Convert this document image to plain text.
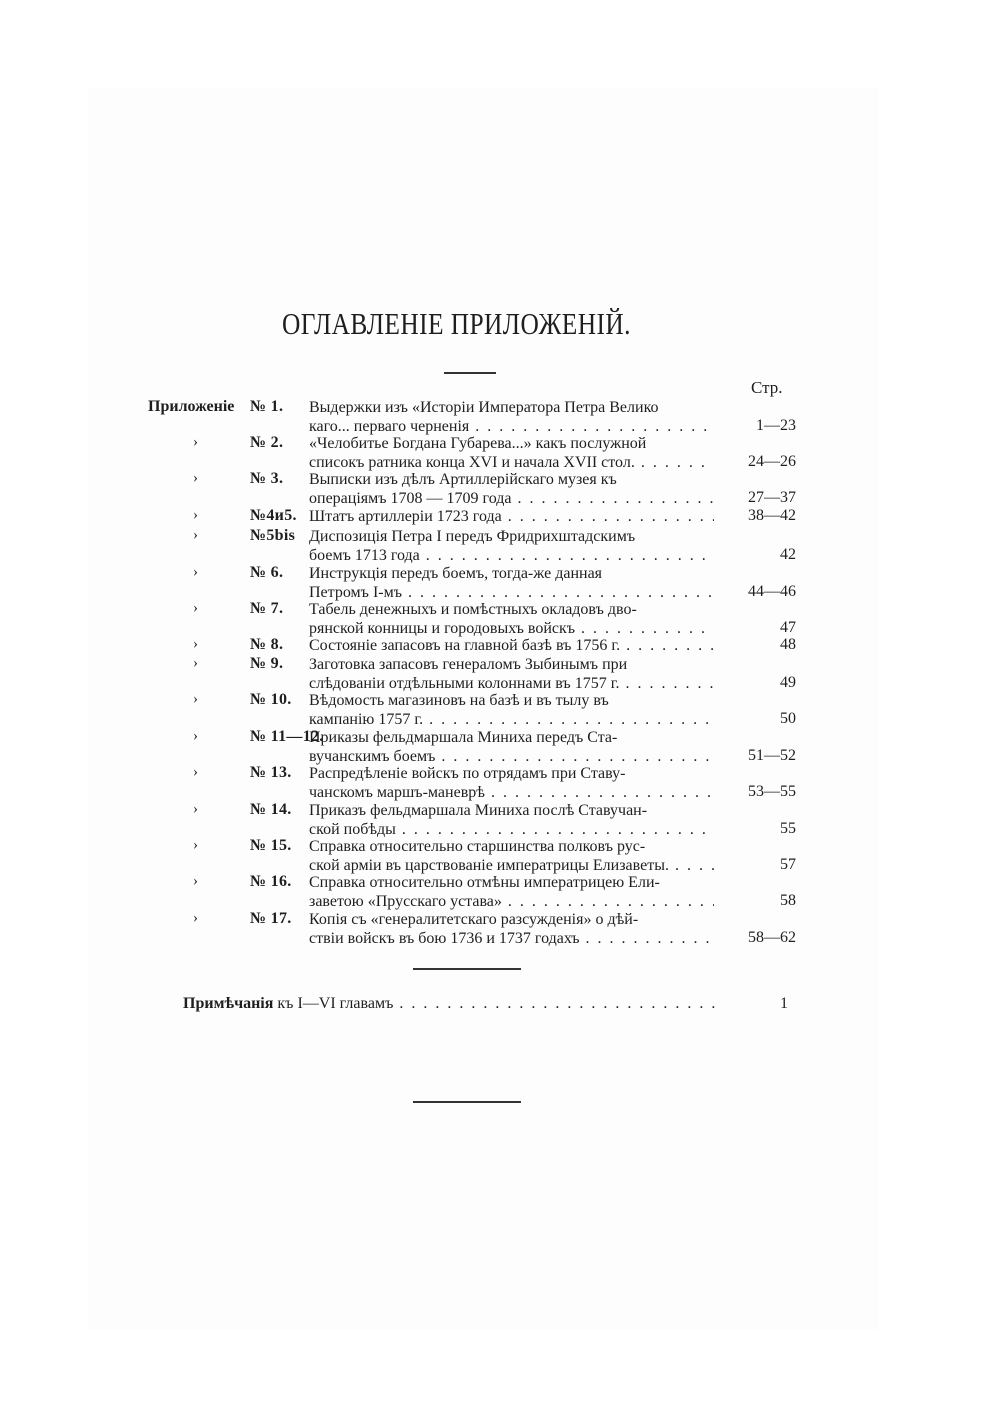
ОГЛАВЛЕНІЕ ПРИЛОЖЕНІЙ.
Стр.
Приложеніе № 1. Выдержки изъ «Исторіи Императора Петра Велико
каго... перваго черненія . . .	1—23
›	№ 2. «Челобитье Богдана Губарева...» какъ послужной
списокъ ратника конца XVI и начала XVII стол. . . .	24—26
›	№ 3. Выписки изъ дѣлъ Артиллерійскаго музея къ
операціямъ 1708 — 1709 года . . .	27—37
›	№4и5. Штатъ артиллеріи 1723 года . . .	38—42
›	№5bis Диспозиція Петра I передъ Фридрихштадскимъ
боемъ 1713 года . . .	42
›	№ 6. Инструкція передъ боемъ, тогда-же данная
Петромъ I-мъ . . .	44—46
›	№ 7. Табель денежныхъ и помѣстныхъ окладовъ дво-
рянской конницы и городовыхъ войскъ . . .	47
›	№ 8. Состояніе запасовъ на главной базѣ въ 1756 г. . . .	48
›	№ 9. Заготовка запасовъ генераломъ Зыбинымъ при
слѣдованіи отдѣльными колоннами въ 1757 г. . . .	49
›	№ 10. Вѣдомость магазиновъ на базѣ и въ тылу въ
кампанію 1757 г. . . .	50
›	№ 11—12.
Приказы фельдмаршала Миниха передъ Ста-
вучанскимъ боемъ . . .	51—52
›	№ 13. Распредѣленіе войскъ по отрядамъ при Ставу-
чанскомъ маршъ-маневрѣ . . .	53—55
›	№ 14. Приказъ фельдмаршала Миниха послѣ Ставучан-
ской побѣды . . .	55
›	№ 15. Справка относительно старшинства полковъ рус-
ской арміи въ царствованіе императрицы Елизаветы. . . .	57
›	№ 16. Справка относительно отмѣны императрицею Ели-
заветою «Прусскаго устава» . . .	58
›	№ 17. Копія съ «генералитетскаго разсужденія» о дѣй-
ствіи войскъ въ бою 1736 и 1737 годахъ . . .	58—62
Примѣчанія къ I—VI главамъ . . .	1
